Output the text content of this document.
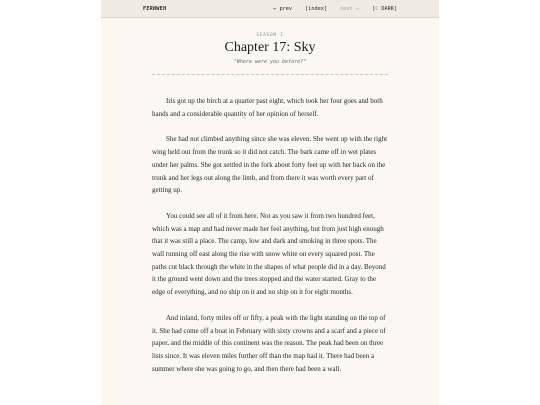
FERNWEH	← prev · [index] · next → · [☾ DARK]
SEASON 1
Chapter 17: Sky
"Where were you before?"

Iris got up the birch at a quarter past eight, which took her four goes and both hands and a considerable quantity of her opinion of herself.

She had not climbed anything since she was eleven. She went up with the right wing held out from the trunk so it did not catch. The bark came off in wet plates under her palms. She got settled in the fork about forty feet up with her back on the trunk and her legs out along the limb, and from there it was worth every part of getting up.

You could see all of it from here. Not as you saw it from two hundred feet, which was a map and had never made her feel anything, but from just high enough that it was still a place. The camp, low and dark and smoking in three spots. The wall running off east along the rise with snow white on every squared post. The paths cut black through the white in the shapes of what people did in a day. Beyond it the ground went down and the trees stopped and the water started. Gray to the edge of everything, and no ship on it and no ship on it for eight months.

And inland, forty miles off or fifty, a peak with the light standing on the top of it. She had come off a boat in February with sixty crowns and a scarf and a piece of paper, and the middle of this continent was the reason. The peak had been on three lists since. It was eleven miles further off than the map had it. There had been a summer where she was going to go, and then there had been a wall.
